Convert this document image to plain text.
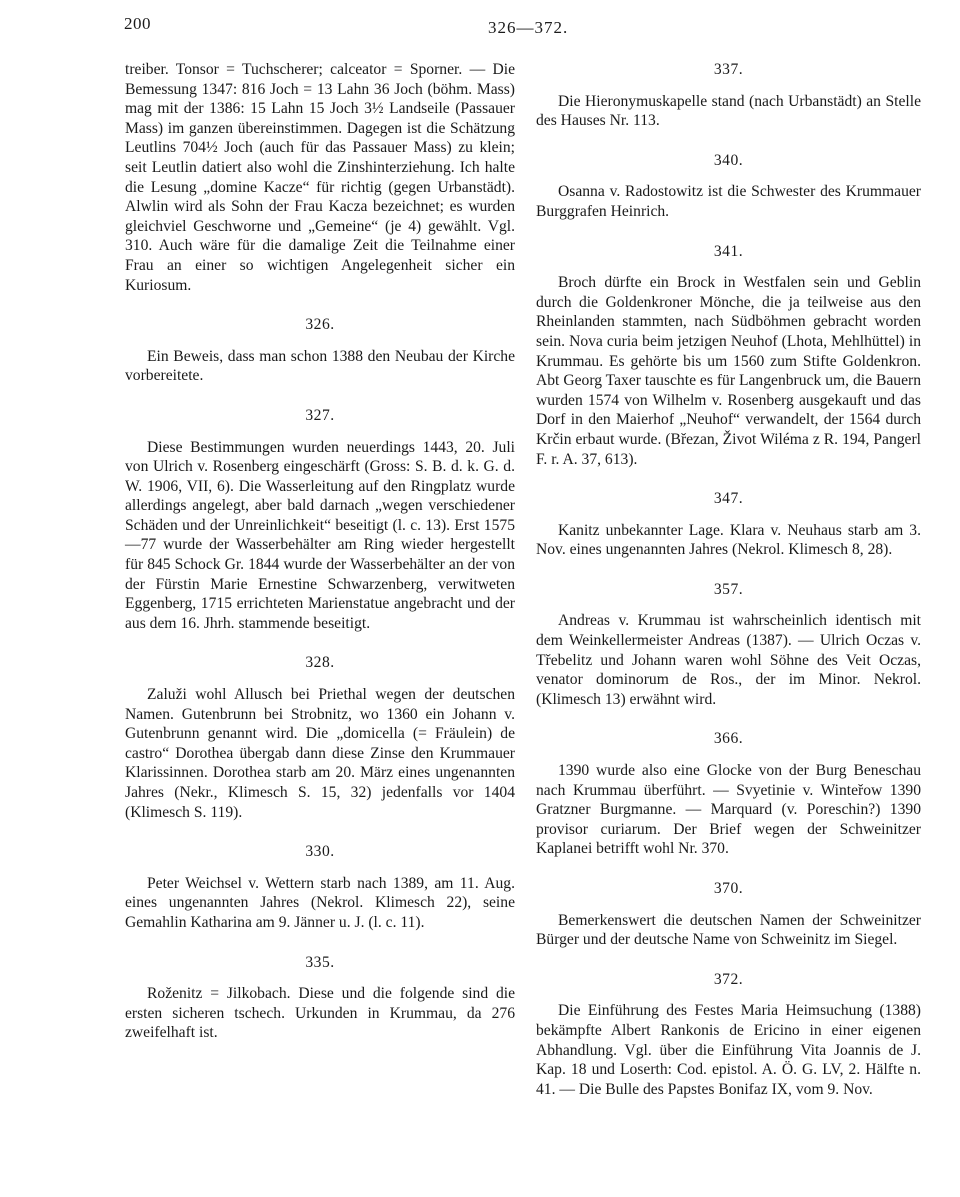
200	326—372.

treiber. Tonsor = Tuchscherer; calceator = Sporner. — Die Bemessung 1347: 816 Joch = 13 Lahn 36 Joch (böhm. Mass) mag mit der 1386: 15 Lahn 15 Joch 3½ Landseile (Passauer Mass) im ganzen übereinstimmen. Dagegen ist die Schätzung Leutlins 704½ Joch (auch für das Passauer Mass) zu klein; seit Leutlin datiert also wohl die Zinshinterziehung. Ich halte die Lesung „domine Kacze“ für richtig (gegen Urbanstädt). Alwlin wird als Sohn der Frau Kacza bezeichnet; es wurden gleichviel Geschworne und „Gemeine“ (je 4) gewählt. Vgl. 310. Auch wäre für die damalige Zeit die Teilnahme einer Frau an einer so wichtigen Angelegenheit sicher ein Kuriosum.

326.

Ein Beweis, dass man schon 1388 den Neubau der Kirche vorbereitete.

327.

Diese Bestimmungen wurden neuerdings 1443, 20. Juli von Ulrich v. Rosenberg eingeschärft (Gross: S. B. d. k. G. d. W. 1906, VII, 6). Die Wasserleitung auf den Ringplatz wurde allerdings angelegt, aber bald darnach „wegen verschiedener Schäden und der Unreinlichkeit“ beseitigt (l. c. 13). Erst 1575—77 wurde der Wasserbehälter am Ring wieder hergestellt für 845 Schock Gr. 1844 wurde der Wasserbehälter an der von der Fürstin Marie Ernestine Schwarzenberg, verwitweten Eggenberg, 1715 errichteten Marienstatue angebracht und der aus dem 16. Jhrh. stammende beseitigt.

328.

Zaluži wohl Allusch bei Priethal wegen der deutschen Namen. Gutenbrunn bei Strobnitz, wo 1360 ein Johann v. Gutenbrunn genannt wird. Die „domicella (= Fräulein) de castro“ Dorothea übergab dann diese Zinse den Krummauer Klarissinnen. Dorothea starb am 20. März eines ungenannten Jahres (Nekr., Klimesch S. 15, 32) jedenfalls vor 1404 (Klimesch S. 119).

330.

Peter Weichsel v. Wettern starb nach 1389, am 11. Aug. eines ungenannten Jahres (Nekrol. Klimesch 22), seine Gemahlin Katharina am 9. Jänner u. J. (l. c. 11).

335.

Roženitz = Jilkobach. Diese und die folgende sind die ersten sicheren tschech. Urkunden in Krummau, da 276 zweifelhaft ist.

337.

Die Hieronymuskapelle stand (nach Urbanstädt) an Stelle des Hauses Nr. 113.

340.

Osanna v. Radostowitz ist die Schwester des Krummauer Burggrafen Heinrich.

341.

Broch dürfte ein Brock in Westfalen sein und Geblin durch die Goldenkroner Mönche, die ja teilweise aus den Rheinlanden stammten, nach Südböhmen gebracht worden sein. Nova curia beim jetzigen Neuhof (Lhota, Mehlhüttel) in Krummau. Es gehörte bis um 1560 zum Stifte Goldenkron. Abt Georg Taxer tauschte es für Langenbruck um, die Bauern wurden 1574 von Wilhelm v. Rosenberg ausgekauft und das Dorf in den Maierhof „Neuhof“ verwandelt, der 1564 durch Krčin erbaut wurde. (Březan, Život Wiléma z R. 194, Pangerl F. r. A. 37, 613).

347.

Kanitz unbekannter Lage. Klara v. Neuhaus starb am 3. Nov. eines ungenannten Jahres (Nekrol. Klimesch 8, 28).

357.

Andreas v. Krummau ist wahrscheinlich identisch mit dem Weinkellermeister Andreas (1387). — Ulrich Oczas v. Třebelitz und Johann waren wohl Söhne des Veit Oczas, venator dominorum de Ros., der im Minor. Nekrol. (Klimesch 13) erwähnt wird.

366.

1390 wurde also eine Glocke von der Burg Beneschau nach Krummau überführt. — Svyetinie v. Winteřow 1390 Gratzner Burgmanne. — Marquard (v. Poreschin?) 1390 provisor curiarum. Der Brief wegen der Schweinitzer Kaplanei betrifft wohl Nr. 370.

370.

Bemerkenswert die deutschen Namen der Schweinitzer Bürger und der deutsche Name von Schweinitz im Siegel.

372.

Die Einführung des Festes Maria Heimsuchung (1388) bekämpfte Albert Rankonis de Ericino in einer eigenen Abhandlung. Vgl. über die Einführung Vita Joannis de J. Kap. 18 und Loserth: Cod. epistol. A. Ö. G. LV, 2. Hälfte n. 41. — Die Bulle des Papstes Bonifaz IX, vom 9. Nov.
